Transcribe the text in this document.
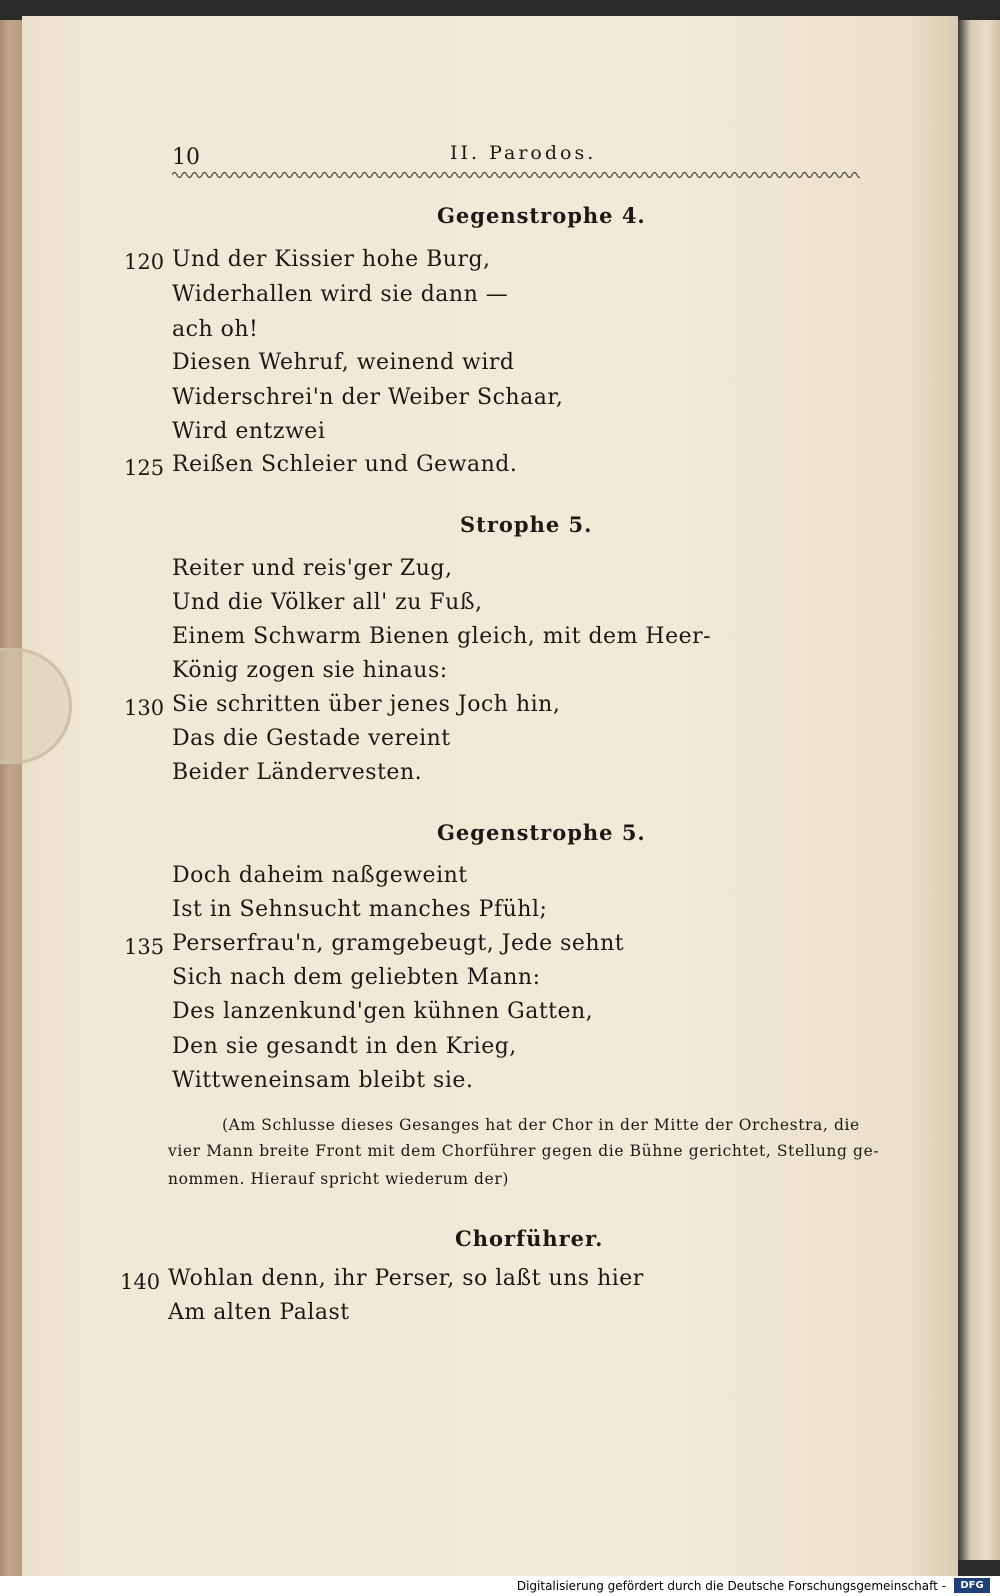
10	II. Parodos.
Gegenstrophe 4.
120 Und der Kissier hohe Burg,
Widerhallen wird sie dann —
ach oh!
Diesen Wehruf, weinend wird
Widerschrei'n der Weiber Schaar,
Wird entzwei
125 Reißen Schleier und Gewand.
Strophe 5.
Reiter und reis'ger Zug,
Und die Völker all' zu Fuß,
Einem Schwarm Bienen gleich, mit dem Heer-
König zogen sie hinaus:
130 Sie schritten über jenes Joch hin,
Das die Gestade vereint
Beider Ländervesten.
Gegenstrophe 5.
Doch daheim naßgeweint
Ist in Sehnsucht manches Pfühl;
135 Perserfrau'n, gramgebeugt, Jede sehnt
Sich nach dem geliebten Mann:
Des lanzenkund'gen kühnen Gatten,
Den sie gesandt in den Krieg,
Wittweneinsam bleibt sie.
(Am Schlusse dieses Gesanges hat der Chor in der Mitte der Orchestra, die
vier Mann breite Front mit dem Chorführer gegen die Bühne gerichtet, Stellung ge-
nommen. Hierauf spricht wiederum der)
Chorführer.
140 Wohlan denn, ihr Perser, so laßt uns hier
Am alten Palast
Digitalisierung gefördert durch die Deutsche Forschungsgemeinschaft -	DFG
